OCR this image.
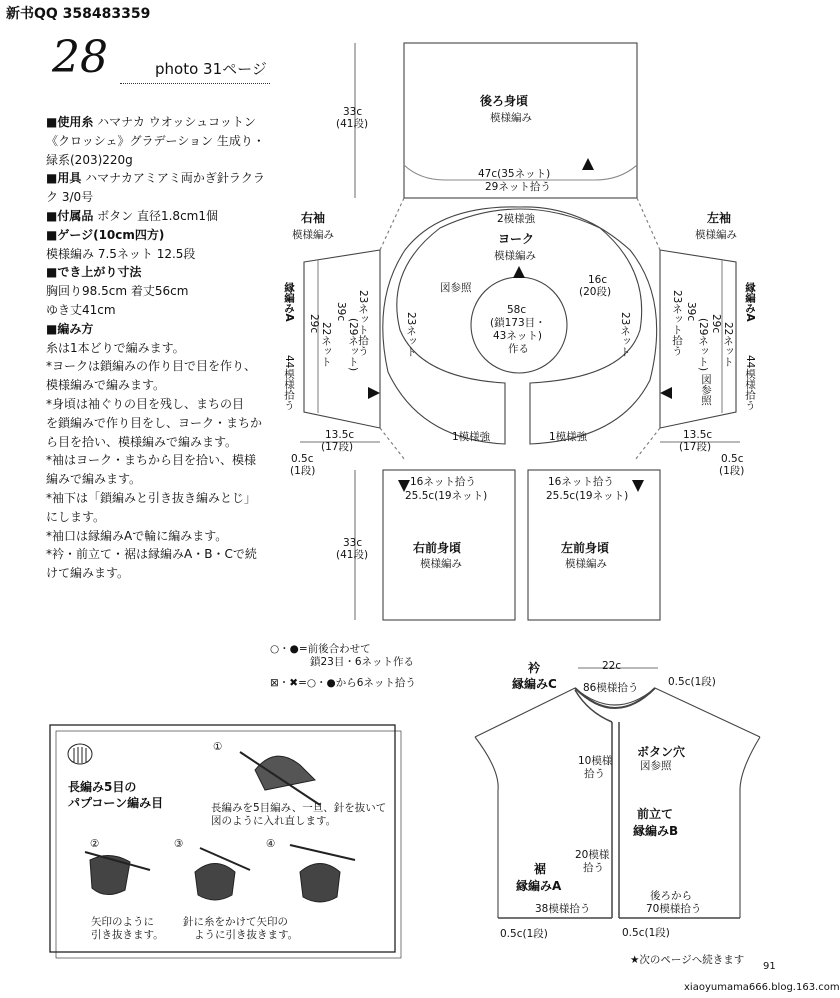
新书QQ 358483359
28	photo 31ページ
■使用糸 ハマナカ ウオッシュコットン
《クロッシェ》グラデーション 生成り・
緑系(203)220g
■用具 ハマナカアミアミ両かぎ針ラクラ
ク 3/0号
■付属品 ボタン 直径1.8cm1個
■ゲージ(10cm四方)
模様編み 7.5ネット 12.5段
■でき上がり寸法
胸回り98.5cm 着丈56cm
ゆき丈41cm
■編み方
糸は1本どりで編みます。
*ヨークは鎖編みの作り目で目を作り、
模様編みで編みます。
*身頃は袖ぐりの目を残し、まちの目
を鎖編みで作り目をし、ヨーク・まちか
ら目を拾い、模様編みで編みます。
*袖はヨーク・まちから目を拾い、模様
編みで編みます。
*袖下は「鎖編みと引き抜き編みとじ」
にします。
*袖口は縁編みAで輪に編みます。
*衿・前立て・裾は縁編みA・B・Cで続
けて編みます。
後ろ身頃
模様編み
47c(35ネット)
29ネット拾う
33c
(41段)
2模様強
ヨーク
模様編み
図参照
16c
(20段)
58c
(鎖173目・
43ネット)
作る
23ネット	23ネット
1模様強	1模様強
右袖
模様編み
縁編みA
29c 22ネット
39c
(29ネット)
23ネット拾う
44模様拾う
13.5c
(17段)
0.5c
(1段)
左袖
模様編み
縁編みA
23ネット拾う 39c
(29ネット) 29c 22ネット
図参照	44模様拾う
13.5c
(17段)
0.5c
(1段)
16ネット拾う
25.5c(19ネット)
右前身頃
模様編み
33c
(41段)
16ネット拾う
25.5c(19ネット)
左前身頃
模様編み
○・●=前後合わせて
鎖23目・6ネット作る
⊠・✖=○・●から6ネット拾う
衿
縁編みC
22c
86模様拾う	0.5c(1段)
ボタン穴
図参照
10模様
拾う
前立て
縁編みB
20模様
拾う
裾
縁編みA
38模様拾う
後ろから
70模様拾う
0.5c(1段)	0.5c(1段)
長編み5目の
パプコーン編み目
①
②	③	④
長編みを5目編み、一旦、針を抜いて
図のように入れ直します。
矢印のように
引き抜きます。
針に糸をかけて矢印の
ように引き抜きます。
★次のページへ続きます
91
xiaoyumama666.blog.163.com
